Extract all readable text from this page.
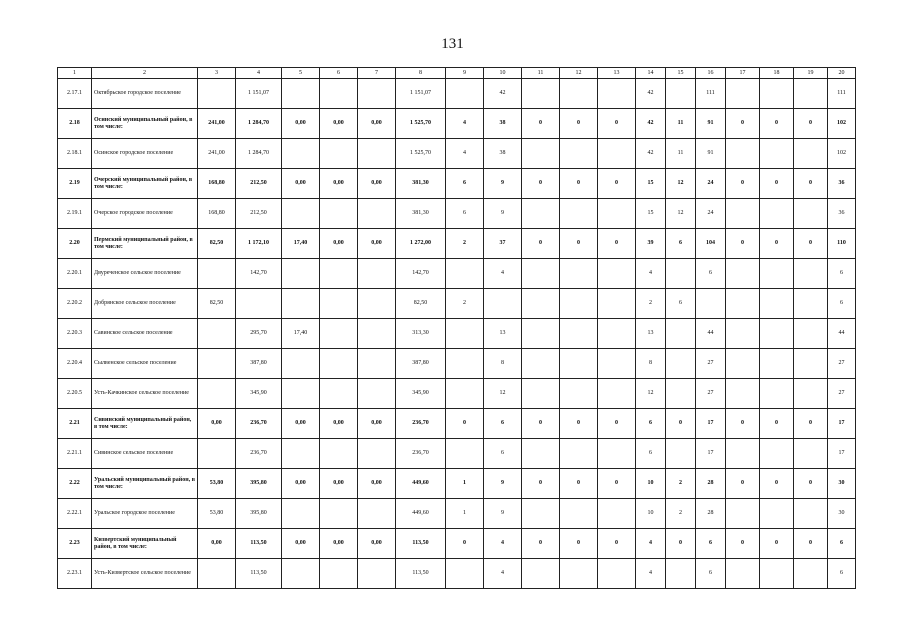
131
1	2	3	4	5	6	7	8	9	10	11	12	13	14	15	16	17	18	19	20
2.17.1	Октябрьское городское поселение		1 151,07				1 151,07		42				42		111				111
2.18	Осинский муниципальный район, в том числе:	241,00	1 284,70	0,00	0,00	0,00	1 525,70	4	38	0	0	0	42	11	91	0	0	0	102
2.18.1	Осинское городское поселение	241,00	1 284,70				1 525,70	4	38				42	11	91				102
2.19	Очерский муниципальный район, в том числе:	168,80	212,50	0,00	0,00	0,00	381,30	6	9	0	0	0	15	12	24	0	0	0	36
2.19.1	Очерское городское поселение	168,80	212,50				381,30	6	9				15	12	24				36
2.20	Пермский муниципальный район, в том числе:	82,50	1 172,10	17,40	0,00	0,00	1 272,00	2	37	0	0	0	39	6	104	0	0	0	110
2.20.1	Двуреченское сельское поселение		142,70				142,70		4				4		6				6
2.20.2	Добрянское сельское поселение	82,50					82,50	2					2	6					6
2.20.3	Савинское сельское поселение		295,70	17,40			313,30		13				13		44				44
2.20.4	Сылвенское сельское поселение		387,80				387,80		8				8		27				27
2.20.5	Усть-Качкинское сельское поселение		345,90				345,90		12				12		27				27
2.21	Сивинский муниципальный район, в том числе:	0,00	236,70	0,00	0,00	0,00	236,70	0	6	0	0	0	6	0	17	0	0	0	17
2.21.1	Сивинское сельское поселение		236,70				236,70		6				6		17				17
2.22	Уральский муниципальный район, в том числе:	53,80	395,80	0,00	0,00	0,00	449,60	1	9	0	0	0	10	2	28	0	0	0	30
2.22.1	Уральское городское поселение	53,80	395,80				449,60	1	9				10	2	28				30
2.23	Кизвертский муниципальный район, в том числе:	0,00	113,50	0,00	0,00	0,00	113,50	0	4	0	0	0	4	0	6	0	0	0	6
2.23.1	Усть-Кизвертское сельское поселение		113,50				113,50		4				4		6				6
